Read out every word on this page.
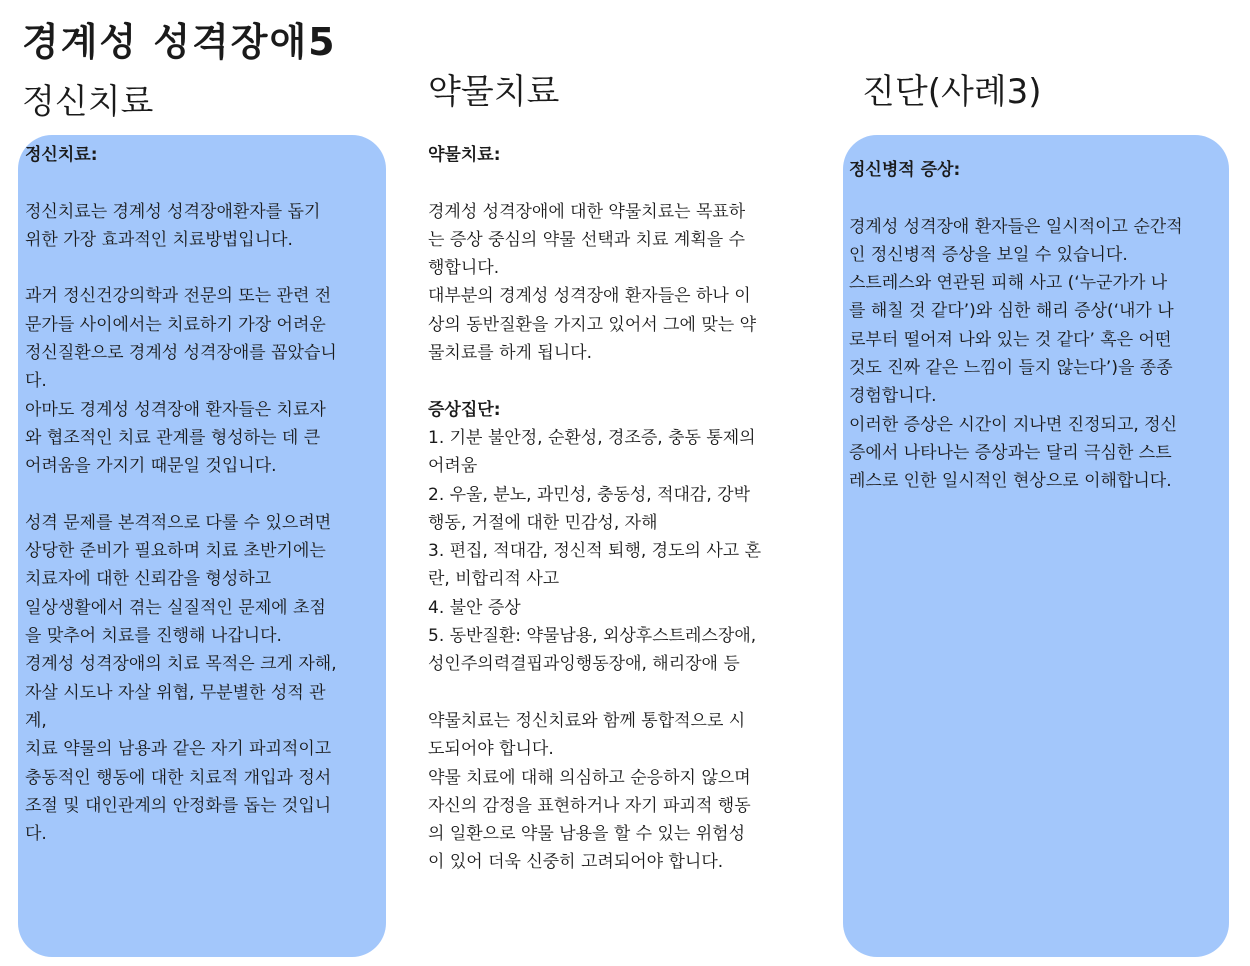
경계성 성격장애5
정신치료	약물치료	진단(사례3)

정신치료:

정신치료는 경계성 성격장애환자를 돕기
위한 가장 효과적인 치료방법입니다.

과거 정신건강의학과 전문의 또는 관련 전
문가들 사이에서는 치료하기 가장 어려운
정신질환으로 경계성 성격장애를 꼽았습니
다.
아마도 경계성 성격장애 환자들은 치료자
와 협조적인 치료 관계를 형성하는 데 큰
어려움을 가지기 때문일 것입니다.

성격 문제를 본격적으로 다룰 수 있으려면
상당한 준비가 필요하며 치료 초반기에는
치료자에 대한 신뢰감을 형성하고
일상생활에서 겪는 실질적인 문제에 초점
을 맞추어 치료를 진행해 나갑니다.
경계성 성격장애의 치료 목적은 크게 자해,
자살 시도나 자살 위협, 무분별한 성적 관
계,
치료 약물의 남용과 같은 자기 파괴적이고
충동적인 행동에 대한 치료적 개입과 정서
조절 및 대인관계의 안정화를 돕는 것입니
다.

약물치료:

경계성 성격장애에 대한 약물치료는 목표하
는 증상 중심의 약물 선택과 치료 계획을 수
행합니다.
대부분의 경계성 성격장애 환자들은 하나 이
상의 동반질환을 가지고 있어서 그에 맞는 약
물치료를 하게 됩니다.

증상집단:

1. 기분 불안정, 순환성, 경조증, 충동 통제의
어려움
2. 우울, 분노, 과민성, 충동성, 적대감, 강박
행동, 거절에 대한 민감성, 자해
3. 편집, 적대감, 정신적 퇴행, 경도의 사고 혼
란, 비합리적 사고
4. 불안 증상
5. 동반질환: 약물남용, 외상후스트레스장애,
성인주의력결핍과잉행동장애, 해리장애 등

약물치료는 정신치료와 함께 통합적으로 시
도되어야 합니다.
약물 치료에 대해 의심하고 순응하지 않으며
자신의 감정을 표현하거나 자기 파괴적 행동
의 일환으로 약물 남용을 할 수 있는 위험성
이 있어 더욱 신중히 고려되어야 합니다.

정신병적 증상:

경계성 성격장애 환자들은 일시적이고 순간적
인 정신병적 증상을 보일 수 있습니다.
스트레스와 연관된 피해 사고 (‘누군가가 나
를 해칠 것 같다’)와 심한 해리 증상(‘내가 나
로부터 떨어져 나와 있는 것 같다’ 혹은 어떤
것도 진짜 같은 느낌이 들지 않는다’)을 종종
경험합니다.
이러한 증상은 시간이 지나면 진정되고, 정신
증에서 나타나는 증상과는 달리 극심한 스트
레스로 인한 일시적인 현상으로 이해합니다.
